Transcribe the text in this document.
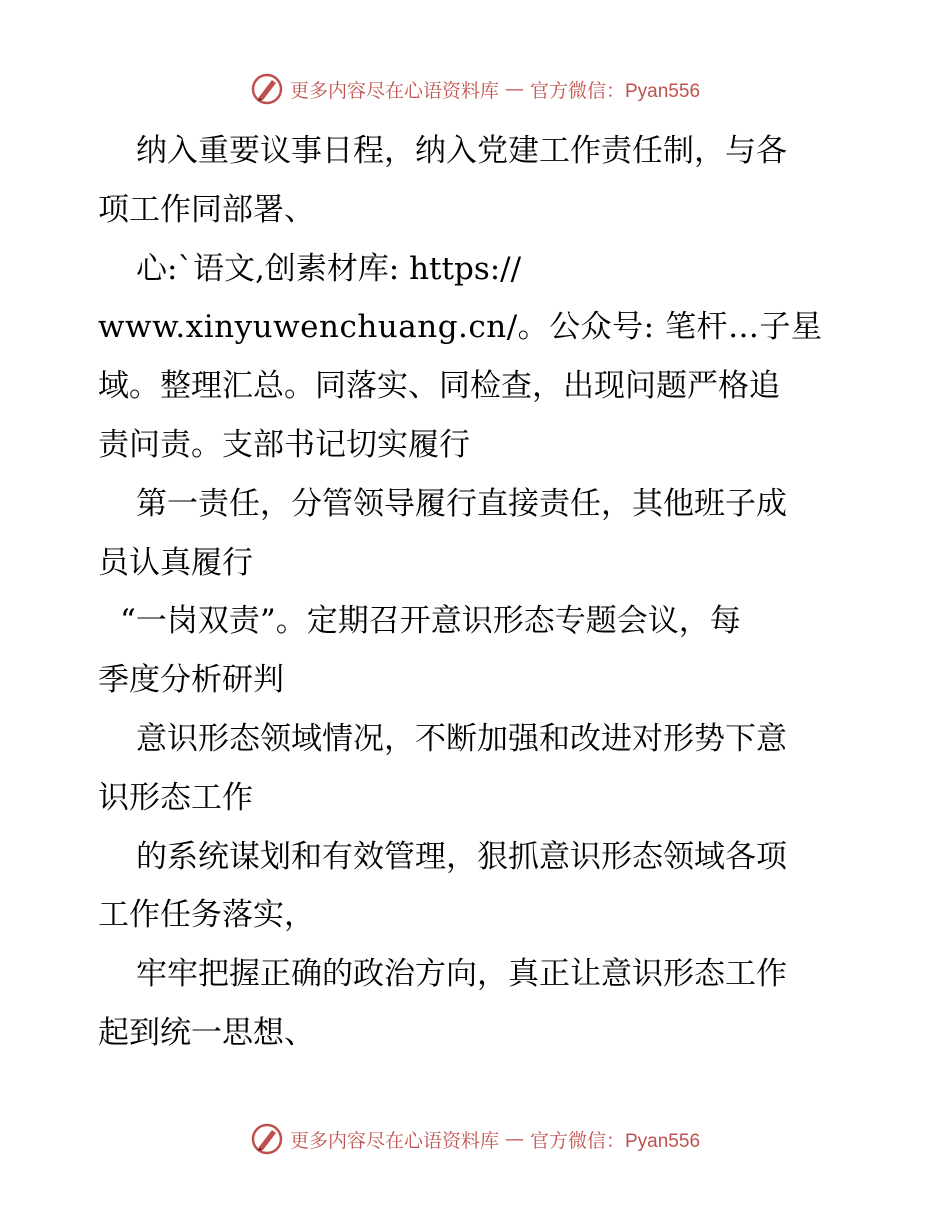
更多内容尽在心语资料库 — 官方微信：Pyan556
纳入重要议事日程，纳入党建工作责任制，与各
项工作同部署、
心:`语文,创素材库: https://
www.xinyuwenchuang.cn/。公众号: 笔杆…子星
域。整理汇总。同落实、同检查，出现问题严格追
责问责。支部书记切实履行
第一责任，分管领导履行直接责任，其他班子成
员认真履行
“一岗双责”。定期召开意识形态专题会议，每
季度分析研判
意识形态领域情况，不断加强和改进对形势下意
识形态工作
的系统谋划和有效管理，狠抓意识形态领域各项
工作任务落实，
牢牢把握正确的政治方向，真正让意识形态工作
起到统一思想、
更多内容尽在心语资料库 — 官方微信：Pyan556
